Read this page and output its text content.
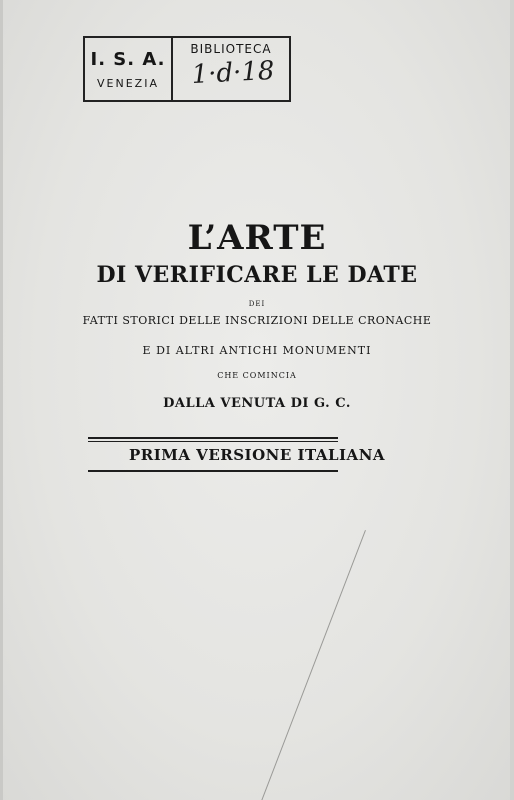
I. S. A.
VENEZIA
BIBLIOTECA
1·d·18
L’ARTE
DI VERIFICARE LE DATE
DEI
FATTI STORICI DELLE INSCRIZIONI DELLE CRONACHE
E DI ALTRI ANTICHI MONUMENTI
CHE COMINCIA
DALLA VENUTA DI G. C.
PRIMA VERSIONE ITALIANA
